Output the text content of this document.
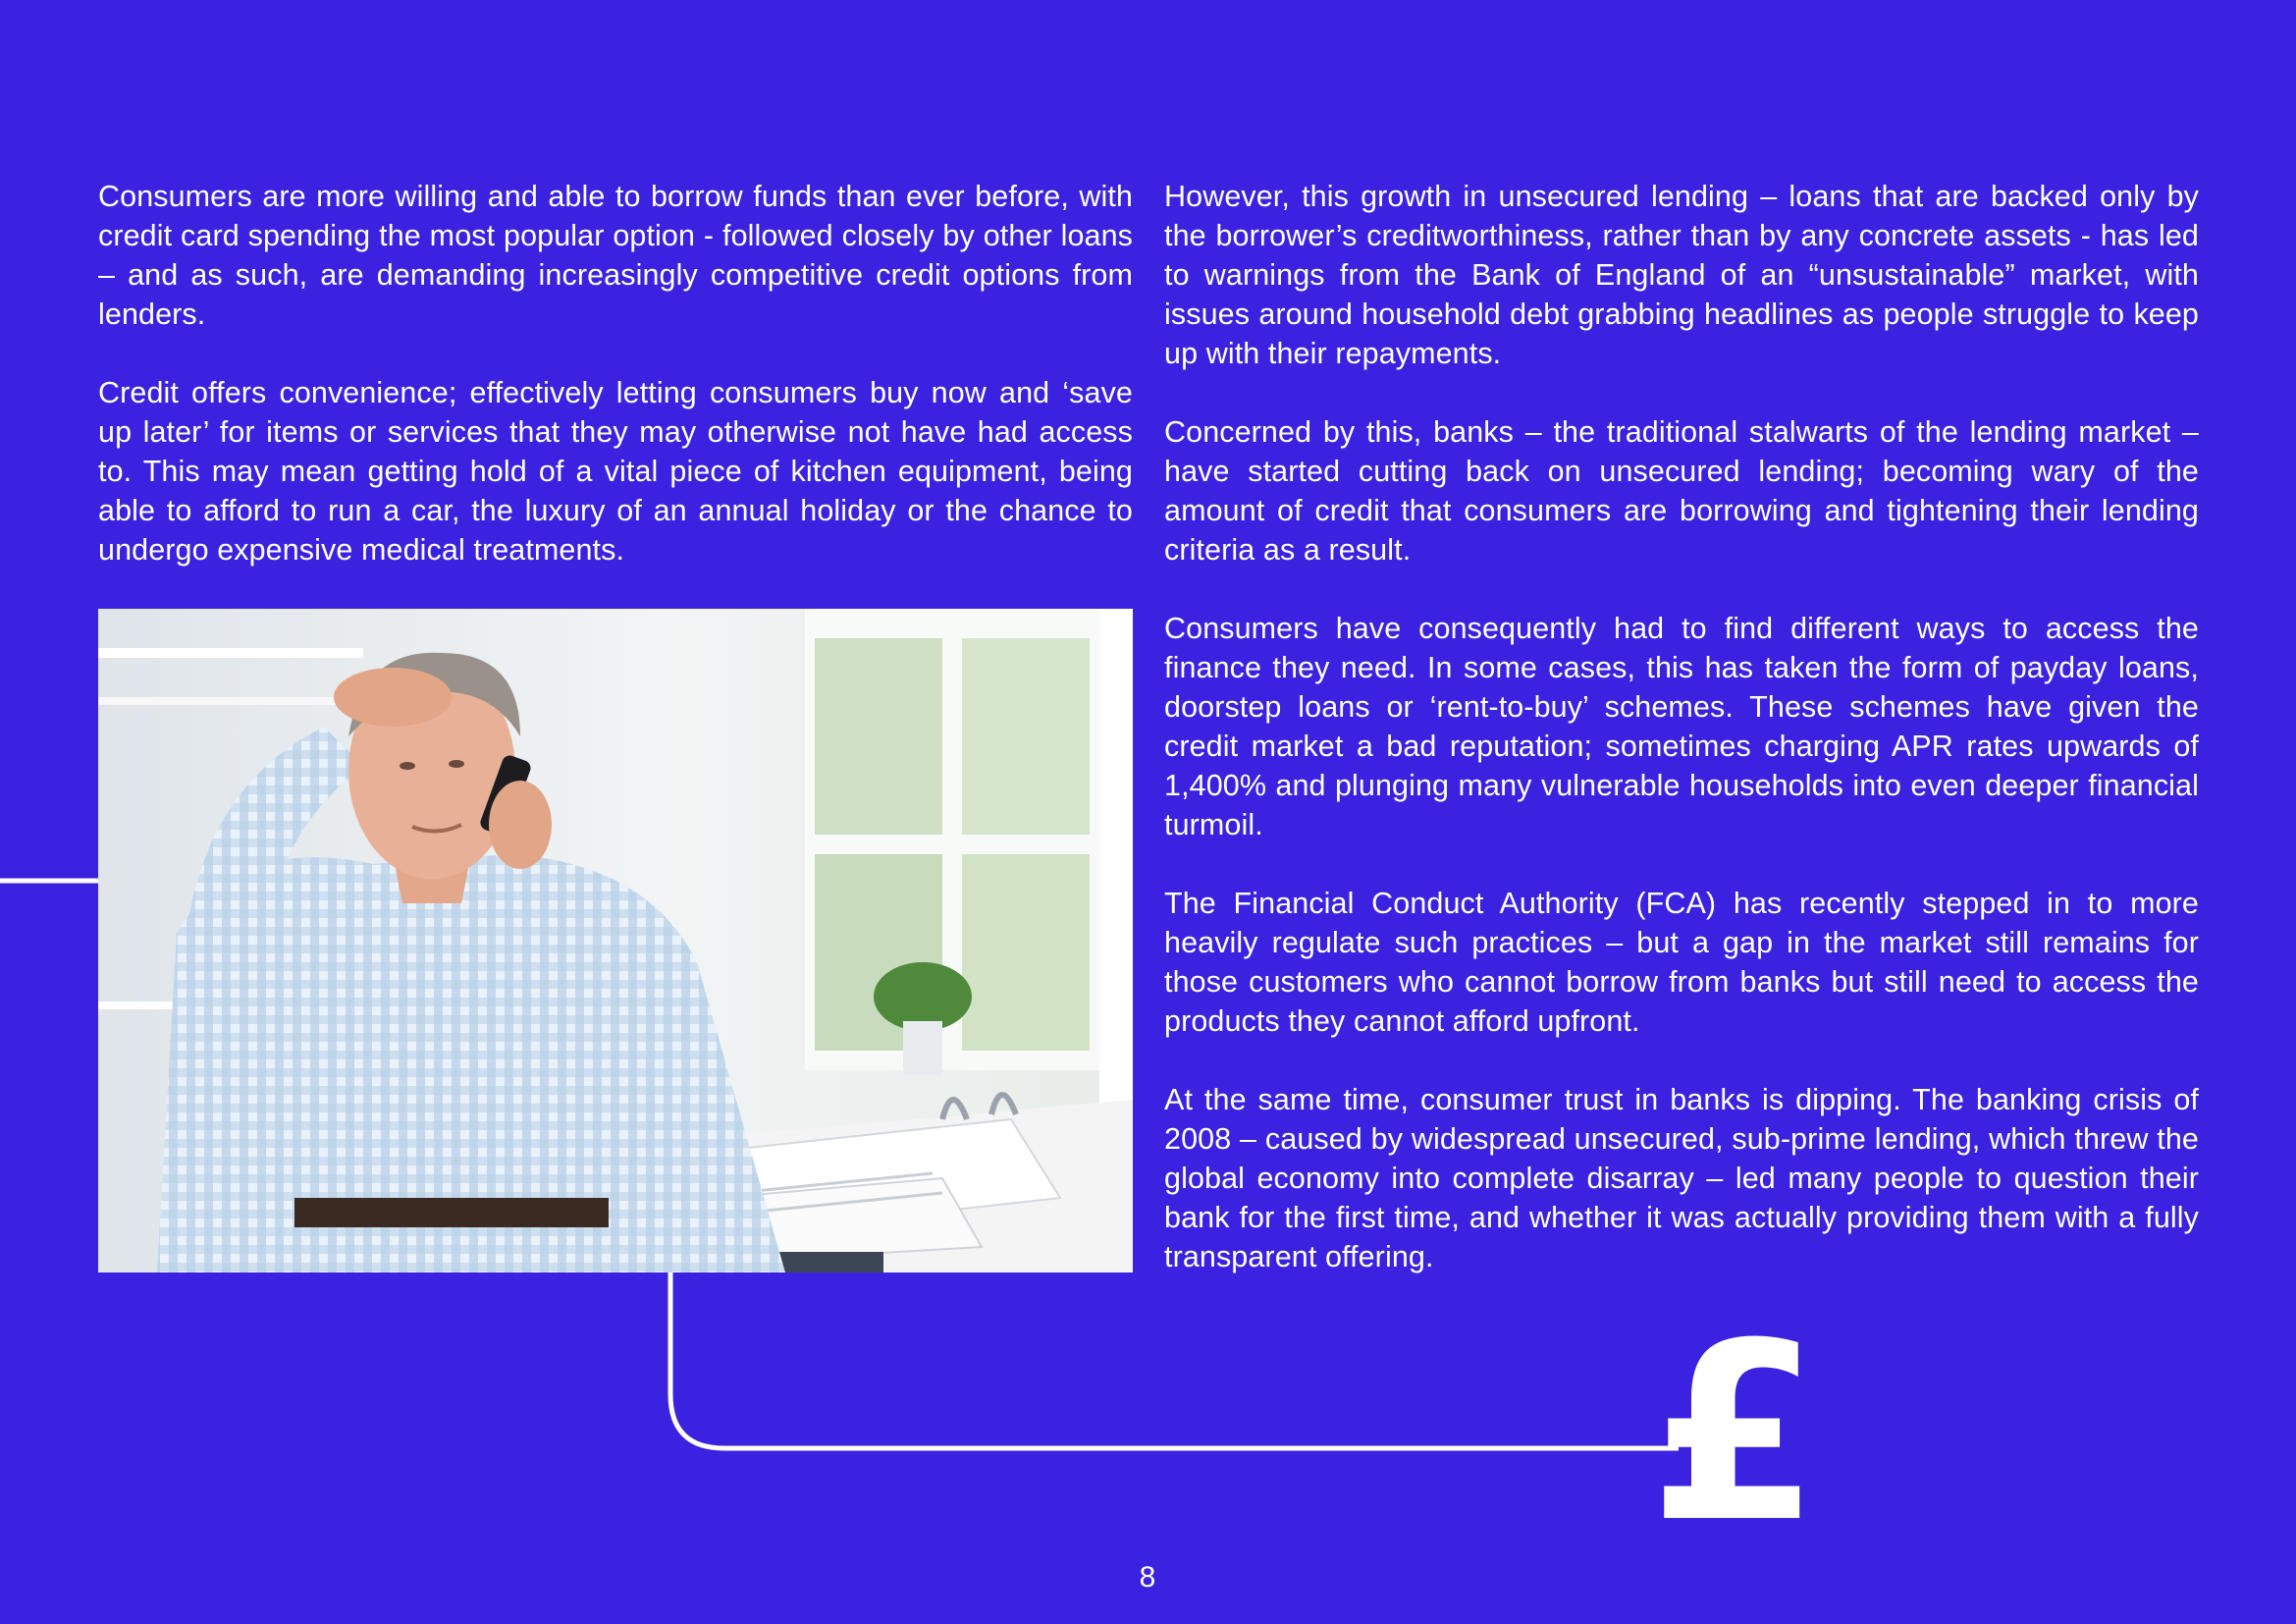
Consumers are more willing and able to borrow funds than ever before, with credit card spending the most popular option - followed closely by other loans – and as such, are demanding increasingly competitive credit options from lenders.

Credit offers convenience; effectively letting consumers buy now and ‘save up later’ for items or services that they may otherwise not have had access to. This may mean getting hold of a vital piece of kitchen equipment, being able to afford to run a car, the luxury of an annual holiday or the chance to undergo expensive medical treatments.

However, this growth in unsecured lending – loans that are backed only by the borrower’s creditworthiness, rather than by any concrete assets - has led to warnings from the Bank of England of an “unsustainable” market, with issues around household debt grabbing headlines as people struggle to keep up with their repayments.

Concerned by this, banks – the traditional stalwarts of the lending market – have started cutting back on unsecured lending; becoming wary of the amount of credit that consumers are borrowing and tightening their lending criteria as a result.

Consumers have consequently had to find different ways to access the finance they need. In some cases, this has taken the form of payday loans, doorstep loans or ‘rent-to-buy’ schemes. These schemes have given the credit market a bad reputation; sometimes charging APR rates upwards of 1,400% and plunging many vulnerable households into even deeper financial turmoil.

The Financial Conduct Authority (FCA) has recently stepped in to more heavily regulate such practices – but a gap in the market still remains for those customers who cannot borrow from banks but still need to access the products they cannot afford upfront.

At the same time, consumer trust in banks is dipping. The banking crisis of 2008 – caused by widespread unsecured, sub-prime lending, which threw the global economy into complete disarray – led many people to question their bank for the first time, and whether it was actually providing them with a fully transparent offering.

£
8
